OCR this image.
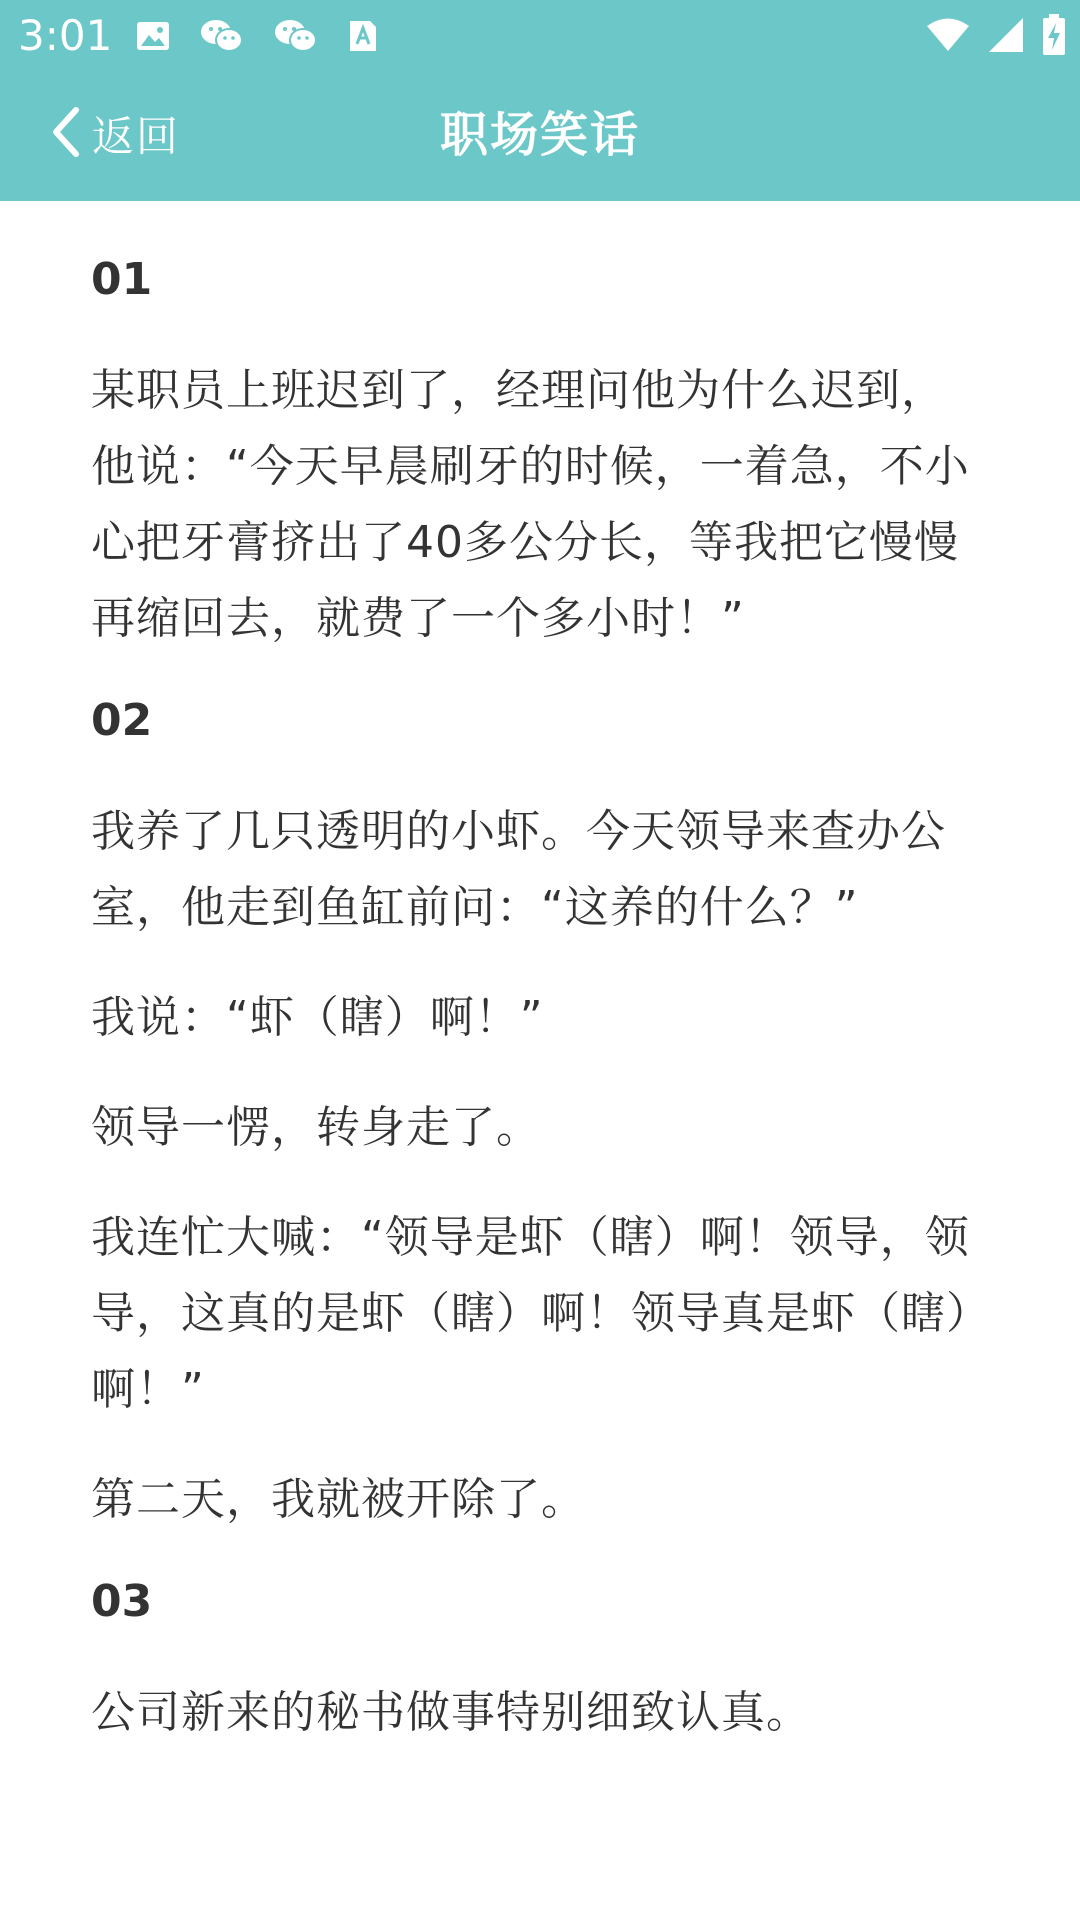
3:01
返回	职场笑话
01

某职员上班迟到了，经理问他为什么迟到，他说：“今天早晨刷牙的时候，一着急，不小心把牙膏挤出了40多公分长，等我把它慢慢再缩回去，就费了一个多小时！”

02

我养了几只透明的小虾。今天领导来查办公室，他走到鱼缸前问：“这养的什么？”

我说：“虾（瞎）啊！”

领导一愣，转身走了。

我连忙大喊：“领导是虾（瞎）啊！领导，领导，这真的是虾（瞎）啊！领导真是虾（瞎）啊！”

第二天，我就被开除了。

03

公司新来的秘书做事特别细致认真。
